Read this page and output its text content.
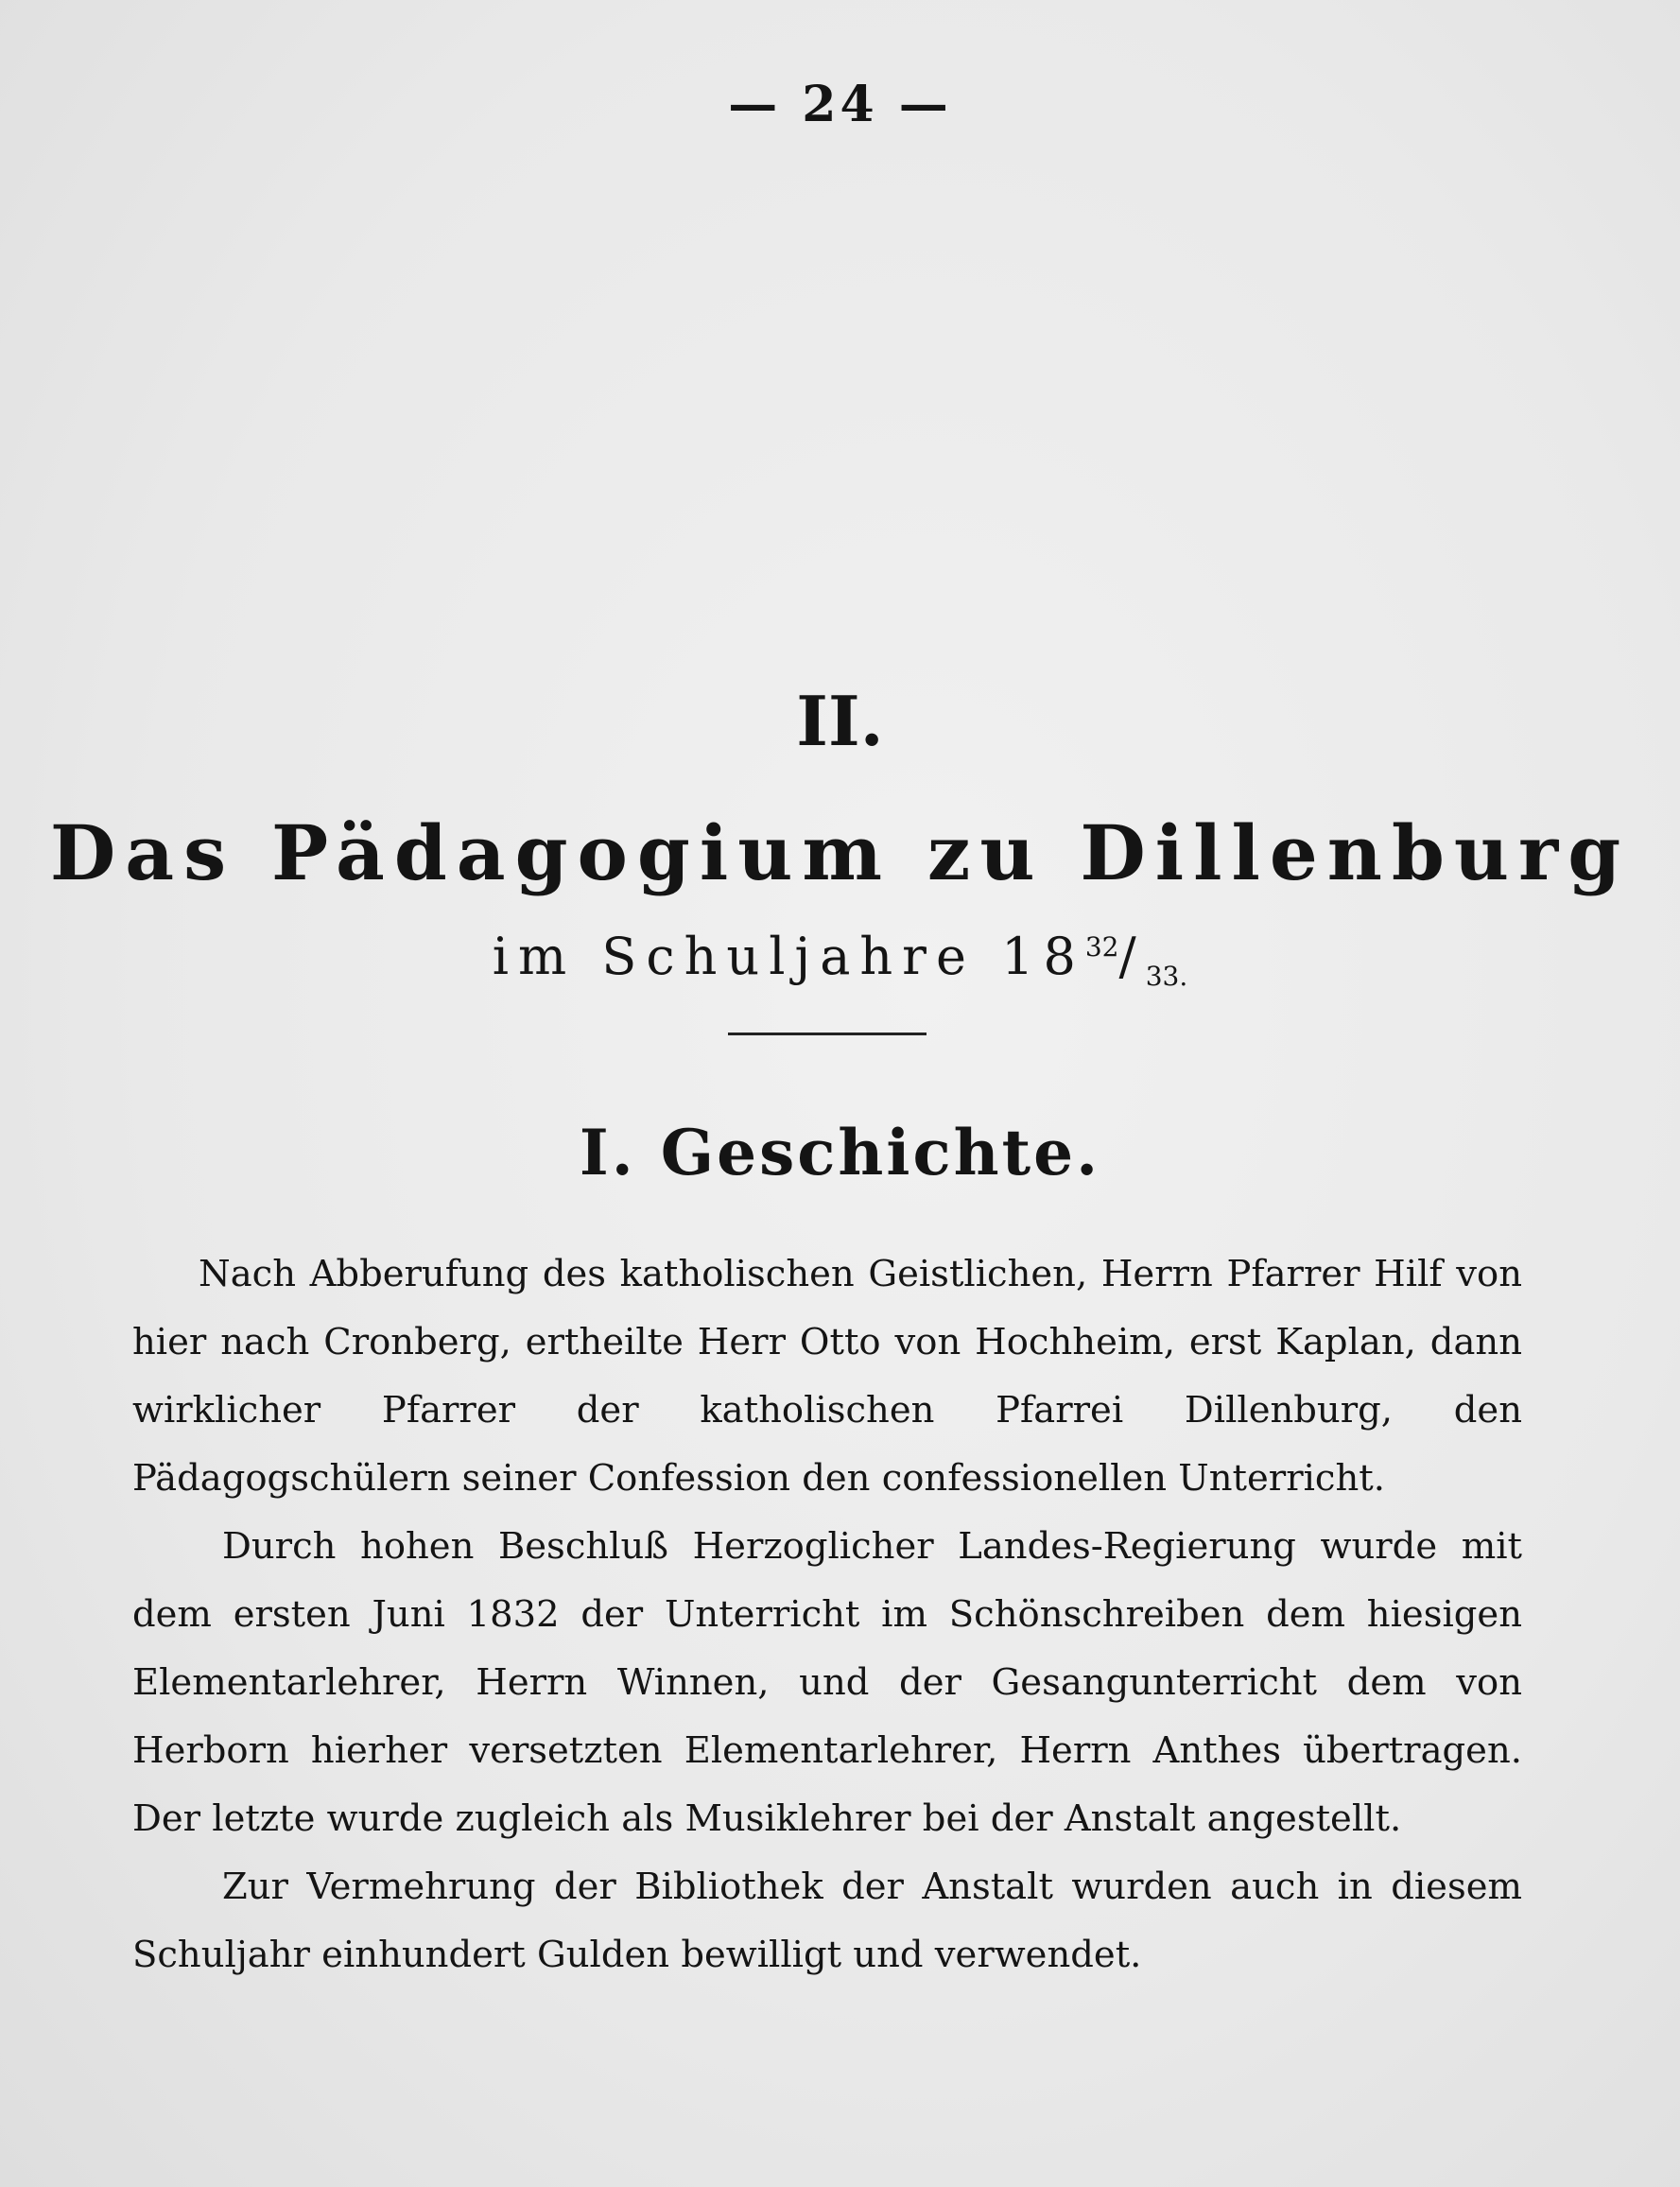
— 24 —
II.
Das Pädagogium zu Dillenburg
im Schuljahre $18^{32}/_{33.}$
I. Geschichte.

Nach Abberufung des katholischen Geistlichen, Herrn Pfarrer Hilf von hier nach Cronberg, ertheilte Herr Otto von Hochheim, erst Kaplan, dann wirklicher Pfarrer der katholischen Pfarrei Dillenburg, den Pädagogschülern seiner Confession den confessionellen Unterricht.

Durch hohen Beschluß Herzoglicher Landes-Regierung wurde mit dem ersten Juni 1832 der Unterricht im Schönschreiben dem hiesigen Elementarlehrer, Herrn Winnen, und der Gesangunterricht dem von Herborn hierher versetzten Elementarlehrer, Herrn Anthes übertragen. Der letzte wurde zugleich als Musiklehrer bei der Anstalt angestellt.

Zur Vermehrung der Bibliothek der Anstalt wurden auch in diesem Schuljahr einhundert Gulden bewilligt und verwendet.
